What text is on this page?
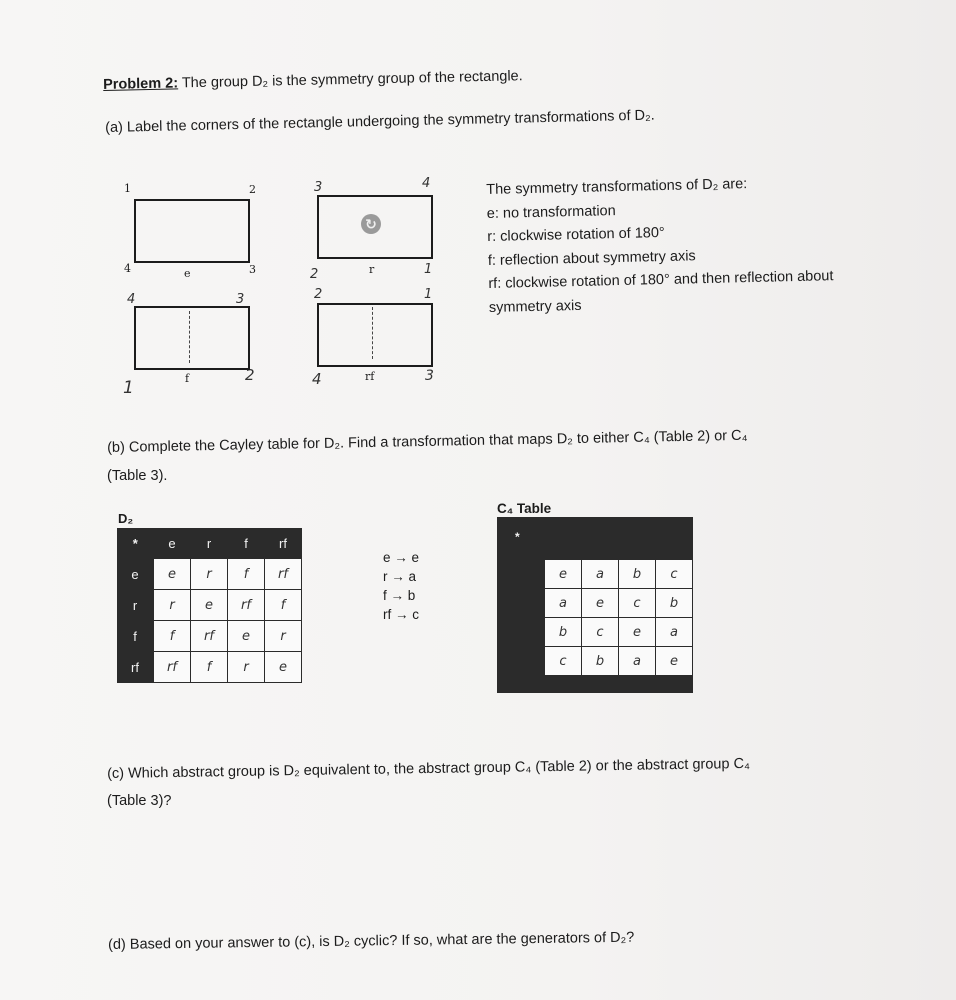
Problem 2: The group D₂ is the symmetry group of the rectangle.
(a) Label the corners of the rectangle undergoing the symmetry transformations of D₂.
1	2
4	3
e
3	4
2	1
↻
r
4	3
1
2
f
2	1
4	3
rf
The symmetry transformations of D₂ are:
e: no transformation
r: clockwise rotation of 180°
f: reflection about symmetry axis
rf: clockwise rotation of 180° and then reflection about
symmetry axis
(b) Complete the Cayley table for D₂. Find a transformation that maps D₂ to either C₄ (Table 2) or C₄
(Table 3).
D₂
*	e	r	f	rf
e	e	r	f	rf
r	r	e	rf	f
f	f	rf	e	r
rf	rf	f	r	e
e → e
r → a
f → b
rf → c
C₄ Table
*
e	a	b	c
a	e	c	b
b	c	e	a
c	b	a	e
(c) Which abstract group is D₂ equivalent to, the abstract group C₄ (Table 2) or the abstract group C₄
(Table 3)?
(d) Based on your answer to (c), is D₂ cyclic? If so, what are the generators of D₂?
